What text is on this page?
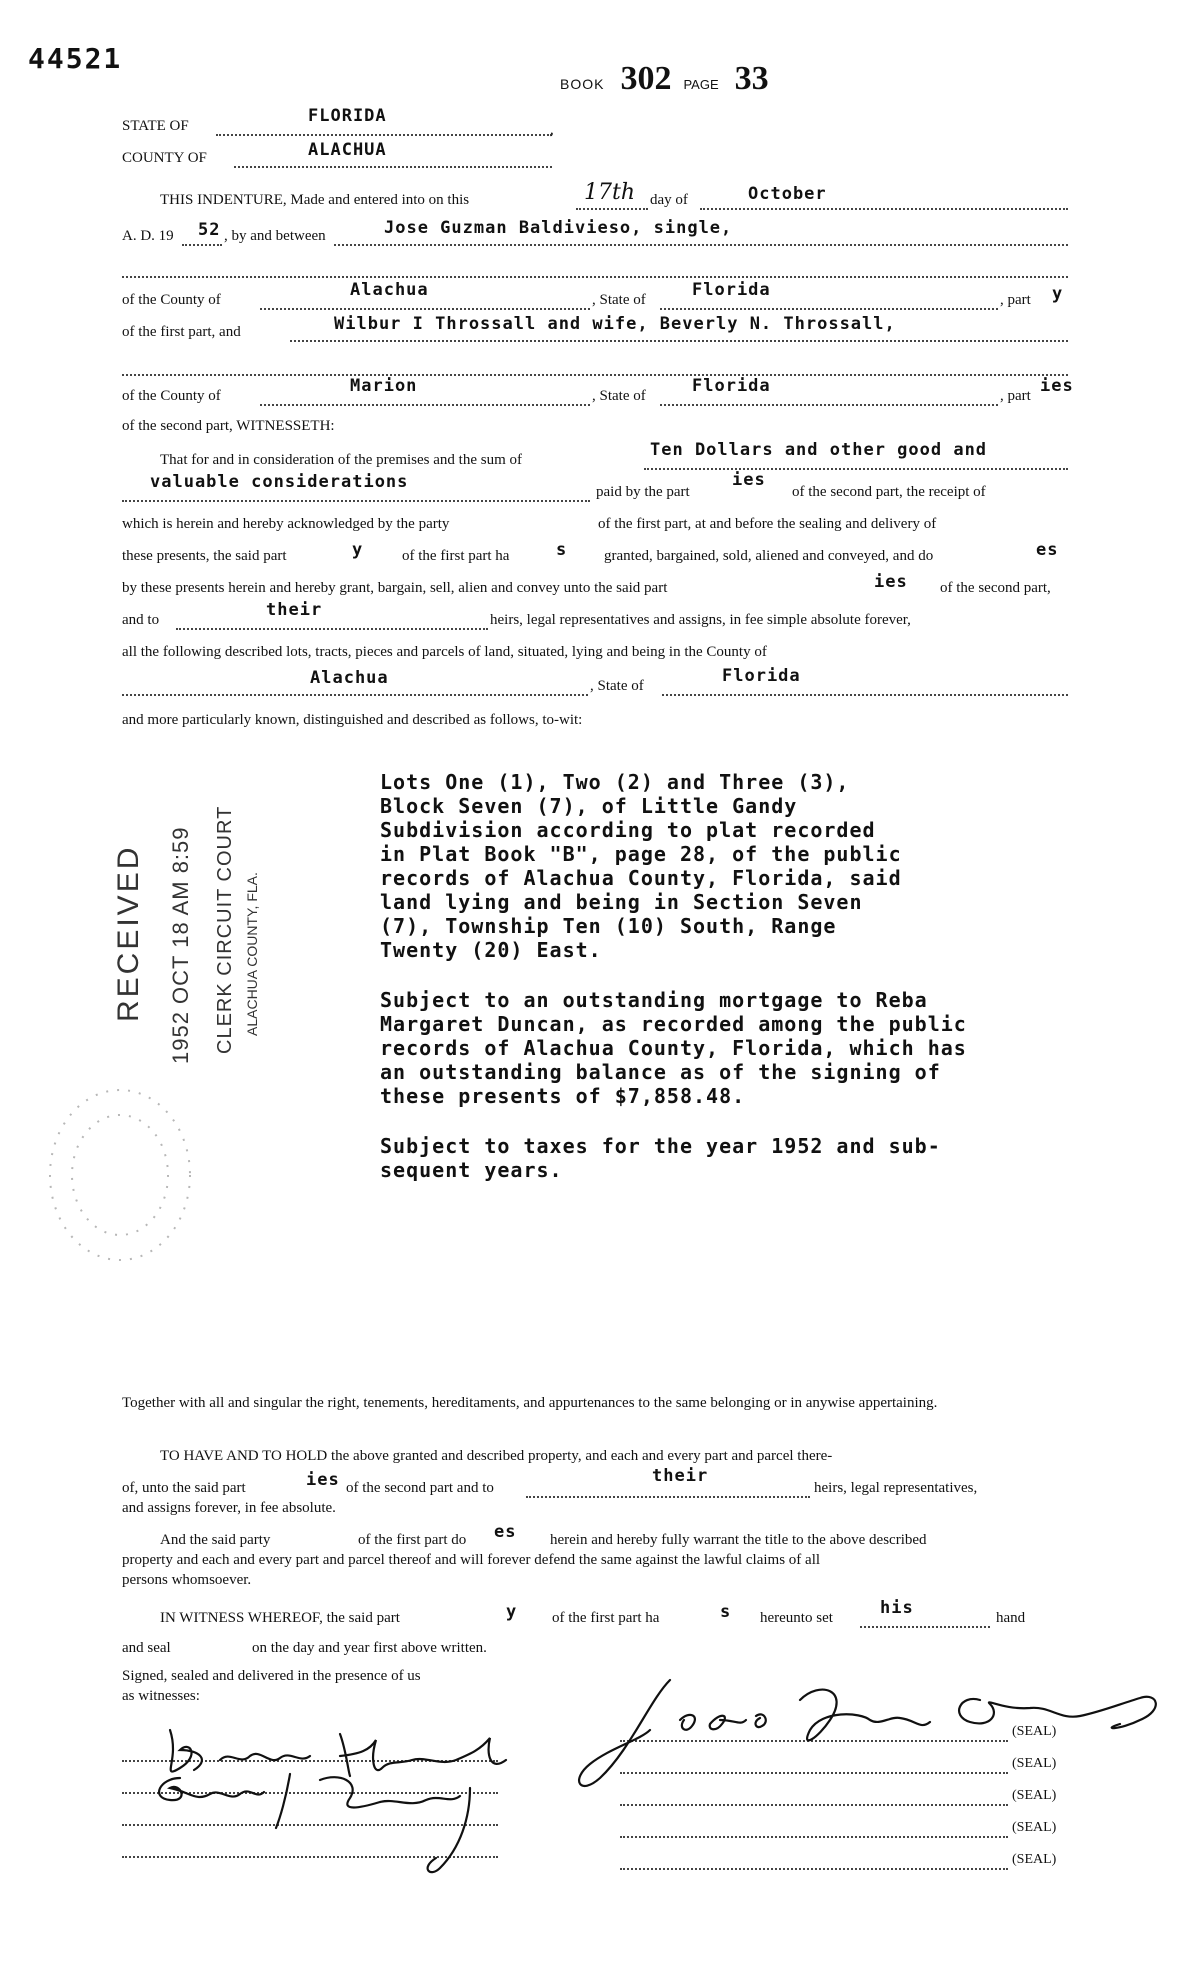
44521
BOOK 302 PAGE 33
STATE OF	FLORIDA
COUNTY OF
,
ALACHUA
THIS INDENTURE, Made and entered into on this	17th day of	October
A. D. 19 52 , by and between	Jose Guzman Baldivieso, single,
of the County of	Alachua	, State of	Florida	, part y
of the first part, and	Wilbur I Throssall and wife, Beverly N. Throssall,
of the County of	Marion	, State of	Florida	, part ies
of the second part, WITNESSETH:
That for and in consideration of the premises and the sum of	Ten Dollars and other good and
valuable considerations	paid by the part
ies
of the second part, the receipt of
which is herein and hereby acknowledged by the party	of the first part, at and before the sealing and delivery of
these presents, the said part	y	of the first part ha	s granted, bargained, sold, aliened and conveyed, and do	es
by these presents herein and hereby grant, bargain, sell, alien and convey unto the said part	ies of the second part,
and to	their	heirs, legal representatives and assigns, in fee simple absolute forever,
all the following described lots, tracts, pieces and parcels of land, situated, lying and being in the County of
Alachua	, State of	Florida
and more particularly known, distinguished and described as follows, to-wit:
Lots One (1), Two (2) and Three (3),
Block Seven (7), of Little Gandy
Subdivision according to plat recorded
in Plat Book "B", page 28, of the public
records of Alachua County, Florida, said
land lying and being in Section Seven
(7), Township Ten (10) South, Range
Twenty (20) East.
Subject to an outstanding mortgage to Reba
Margaret Duncan, as recorded among the public
records of Alachua County, Florida, which has
an outstanding balance as of the signing of
these presents of $7,858.48.
Subject to taxes for the year 1952 and sub-
sequent years.
RECEIVED 1952 OCT 18 AM 8:59 CLERK CIRCUIT COURT ALACHUA COUNTY, FLA.
Together with all and singular the right, tenements, hereditaments, and appurtenances to the same belonging or in anywise appertaining.
TO HAVE AND TO HOLD the above granted and described property, and each and every part and parcel there-
of, unto the said part	ies of the second part and to
their
heirs, legal representatives,
and assigns forever, in fee absolute.
And the said party	of the first part do es herein and hereby fully warrant the title to the above described
property and each and every part and parcel thereof and will forever defend the same against the lawful claims of all
persons whomsoever.
IN WITNESS WHEREOF, the said part	y of the first part ha	s hereunto set	his	hand
and seal	on the day and year first above written.
Signed, sealed and delivered in the presence of us
as witnesses:
(SEAL)
(SEAL)
(SEAL)
(SEAL)
(SEAL)
